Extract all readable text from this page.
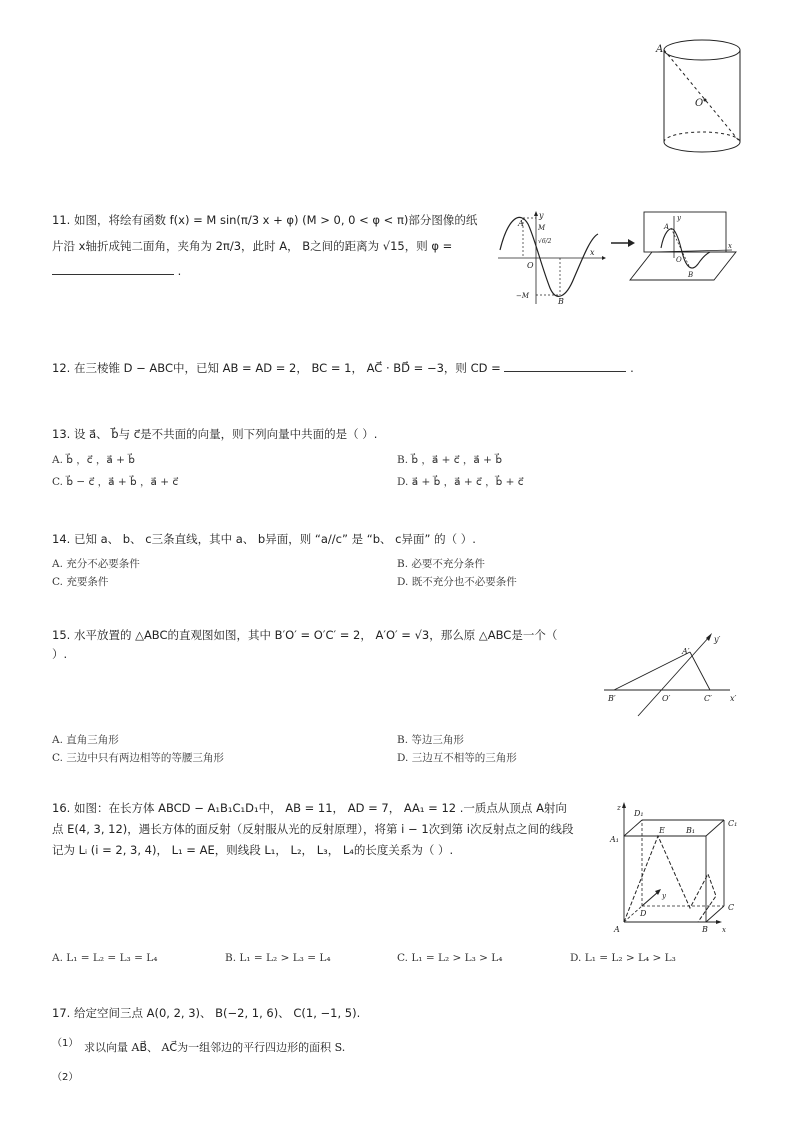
A
O
11. 如图，将绘有函数 f(x) = M sin(π/3 x + φ) (M > 0, 0 < φ < π)部分图像的纸
片沿 x轴折成钝二面角，夹角为 2π/3，此时 A， B之间的距离为 √15，则 φ =
.
A
y
M
√6/2
O
x
−M
B
A
y
O
B
x
12. 在三棱锥 D − ABC中，已知 AB = AD = 2， BC = 1， AC⃗ · BD⃗ = −3，则 CD =	.
13. 设 a⃗、 b⃗与 c⃗是不共面的向量，则下列向量中共面的是（ ）.
A. b⃗ ，c⃗ ，a⃗ + b⃗	B. b⃗ ，a⃗ + c⃗ ，a⃗ + b⃗
C. b⃗ − c⃗ ，a⃗ + b⃗ ，a⃗ + c⃗	D. a⃗ + b⃗ ，a⃗ + c⃗ ，b⃗ + c⃗
14. 已知 a、 b、 c三条直线，其中 a、 b异面，则 “a//c” 是 “b、 c异面” 的（ ）.
A. 充分不必要条件	B. 必要不充分条件
C. 充要条件	D. 既不充分也不必要条件
15. 水平放置的 △ABC的直观图如图，其中 B′O′ = O′C′ = 2， A′O′ = √3，那么原 △ABC是一个（
）.	A′
y′
B′	O′	C′ x′
A. 直角三角形	B. 等边三角形
C. 三边中只有两边相等的等腰三角形	D. 三边互不相等的三角形
16. 如图：在长方体 ABCD − A₁B₁C₁D₁中， AB = 11， AD = 7， AA₁ = 12 .一质点从顶点 A射向
点 E(4, 3, 12)，遇长方体的面反射（反射服从光的反射原理），将第 i − 1次到第 i次反射点之间的线段
记为 Lᵢ (i = 2, 3, 4)， L₁ = AE，则线段 L₁， L₂， L₃， L₄的长度关系为（ ）.
z
D₁
C₁
A₁
E	B₁
y
D
C
A	B x
A. L₁ = L₂ = L₃ = L₄	B. L₁ = L₂ > L₃ = L₄	C. L₁ = L₂ > L₃ > L₄	D. L₁ = L₂ > L₄ > L₃
17. 给定空间三点 A(0, 2, 3)、 B(−2, 1, 6)、 C(1, −1, 5).
（1） 求以向量 AB⃗、 AC⃗为一组邻边的平行四边形的面积 S.
（2）
